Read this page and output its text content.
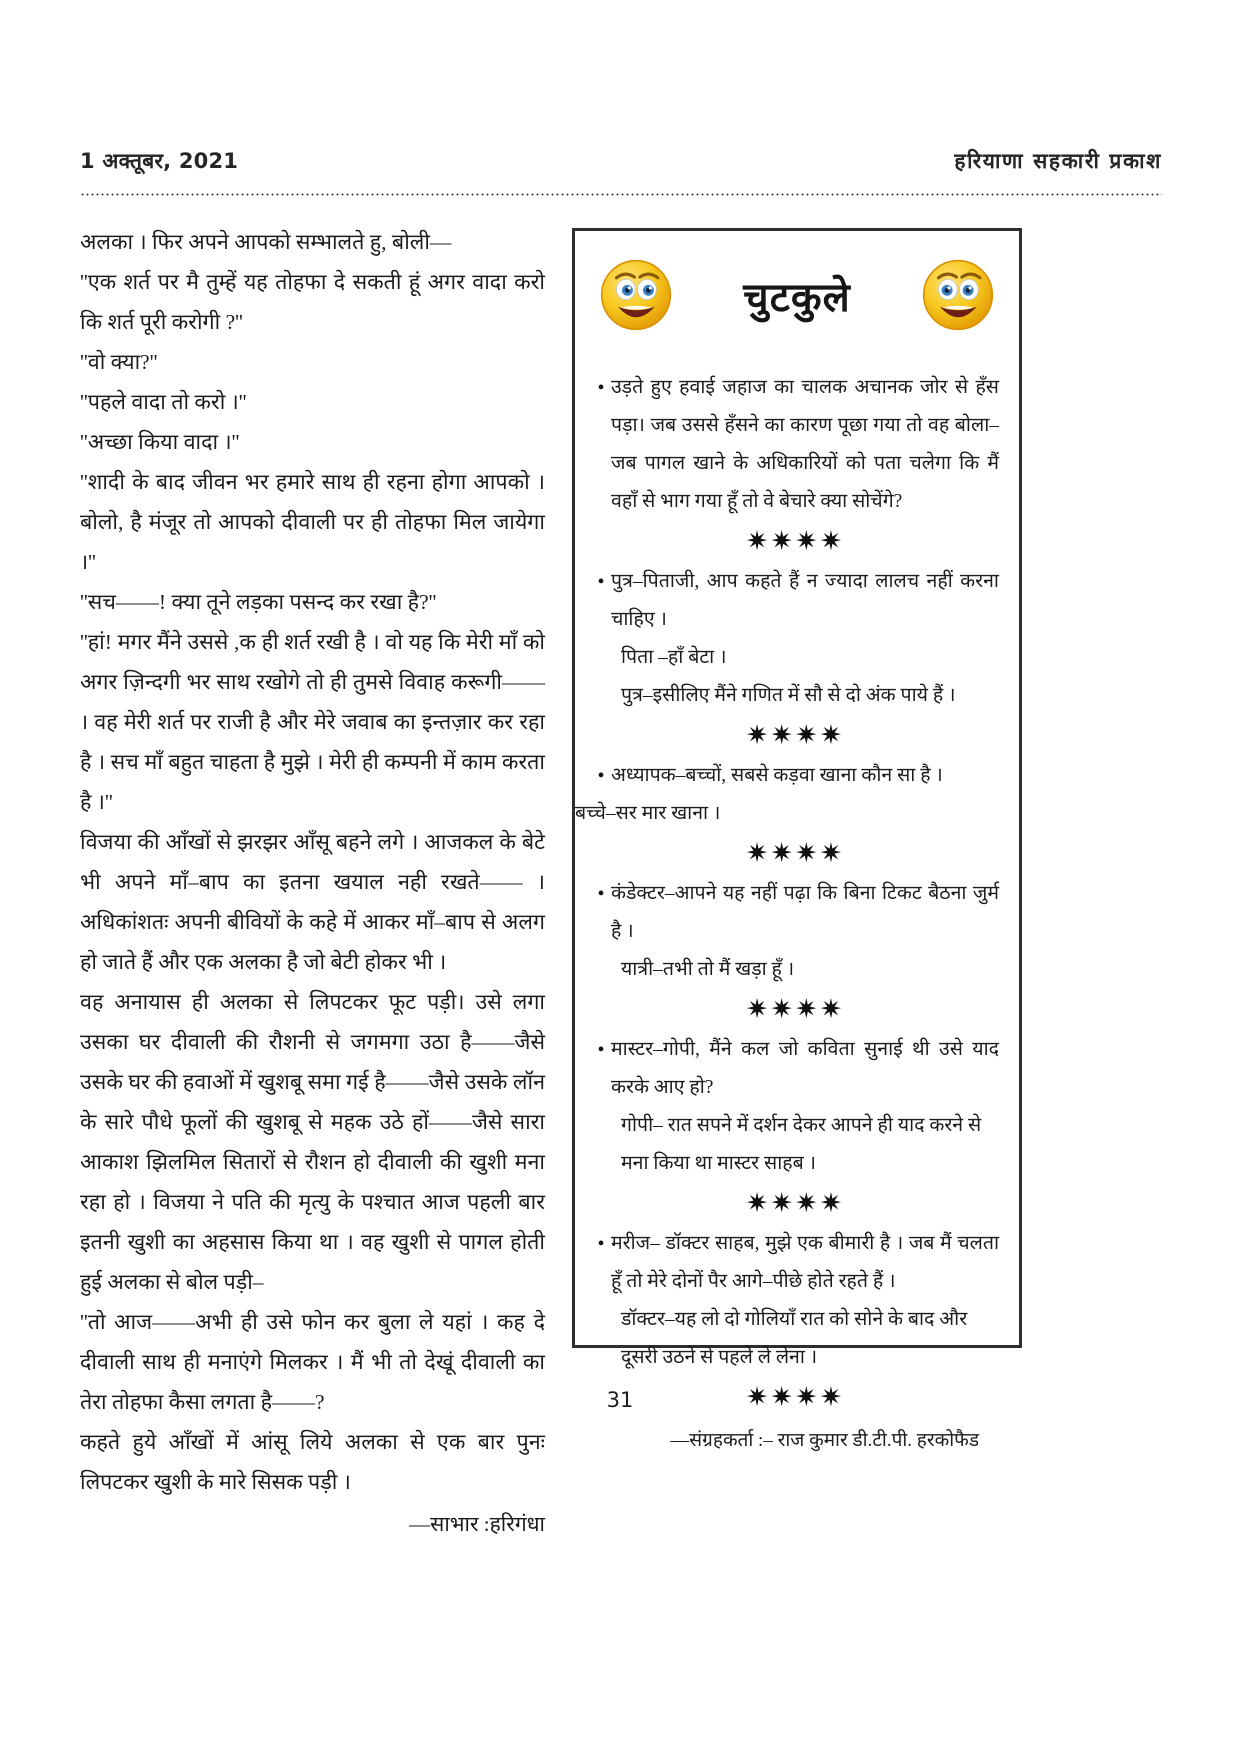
1 अक्तूबर, 2021	हरियाणा सहकारी प्रकाश

अलका । फिर अपने आपको सम्भालते हु, बोली—

''एक शर्त पर मै तुम्हें यह तोहफा दे सकती हूं अगर वादा करो कि शर्त पूरी करोगी ?''

''वो क्या?''

''पहले वादा तो करो ।''

''अच्छा किया वादा ।''

''शादी के बाद जीवन भर हमारे साथ ही रहना होगा आपको । बोलो, है मंजूर तो आपको दीवाली पर ही तोहफा मिल जायेगा ।''

''सच——! क्या तूने लड़का पसन्द कर रखा है?''

''हां! मगर मैंने उससे ,क ही शर्त रखी है । वो यह कि मेरी माँ को अगर ज़िन्दगी भर साथ रखोगे तो ही तुमसे विवाह करूगी—— । वह मेरी शर्त पर राजी है और मेरे जवाब का इन्तज़ार कर रहा है । सच माँ बहुत चाहता है मुझे । मेरी ही कम्पनी में काम करता है ।''

विजया की आँखों से झरझर आँसू बहने लगे । आजकल के बेटे भी अपने माँ–बाप का इतना खयाल नही रखते—— । अधिकांशतः अपनी बीवियों के कहे में आकर माँ–बाप से अलग हो जाते हैं और एक अलका है जो बेटी होकर भी ।

वह अनायास ही अलका से लिपटकर फूट पड़ी। उसे लगा उसका घर दीवाली की रौशनी से जगमगा उठा है——जैसे उसके घर की हवाओं में खुशबू समा गई है——जैसे उसके लॉन के सारे पौधे फूलों की खुशबू से महक उठे हों——जैसे सारा आकाश झिलमिल सितारों से रौशन हो दीवाली की खुशी मना रहा हो । विजया ने पति की मृत्यु के पश्चात आज पहली बार इतनी खुशी का अहसास किया था । वह खुशी से पागल होती हुई अलका से बोल पड़ी–

''तो आज——अभी ही उसे फोन कर बुला ले यहां । कह दे दीवाली साथ ही मनाएंगे मिलकर । मैं भी तो देखूं दीवाली का तेरा तोहफा कैसा लगता है——?

कहते हुये आँखों में आंसू लिये अलका से एक बार पुनः लिपटकर खुशी के मारे सिसक पड़ी ।

—साभार :हरिगंधा
चुटकुले
• उड़ते हुए हवाई जहाज का चालक अचानक जोर से हँस पड़ा। जब उससे हँसने का कारण पूछा गया तो वह बोला– जब पागल खाने के अधिकारियों को पता चलेगा कि मैं वहाँ से भाग गया हूँ तो वे बेचारे क्या सोचेंगे?
✷✷✷✷
• पुत्र–पिताजी, आप कहते हैं न ज्यादा लालच नहीं करना चाहिए ।
पिता –हाँ बेटा ।
पुत्र–इसीलिए मैंने गणित में सौ से दो अंक पाये हैं ।
✷✷✷✷
• अध्यापक–बच्चों, सबसे कड़वा खाना कौन सा है ।
बच्चे–सर मार खाना ।
✷✷✷✷
• कंडेक्टर–आपने यह नहीं पढ़ा कि बिना टिकट बैठना जुर्म है ।
यात्री–तभी तो मैं खड़ा हूँ ।
✷✷✷✷
• मास्टर–गोपी, मैंने कल जो कविता सुनाई थी उसे याद करके आए हो?
गोपी– रात सपने में दर्शन देकर आपने ही याद करने से मना किया था मास्टर साहब ।
✷✷✷✷
• मरीज– डॉक्टर साहब, मुझे एक बीमारी है । जब मैं चलता हूँ तो मेरे दोनों पैर आगे–पीछे होते रहते हैं ।
डॉक्टर–यह लो दो गोलियाँ रात को सोने के बाद और दूसरी उठने से पहले ले लेना ।
✷✷✷✷
—संग्रहकर्ता :– राज कुमार डी.टी.पी. हरकोफैड
31
